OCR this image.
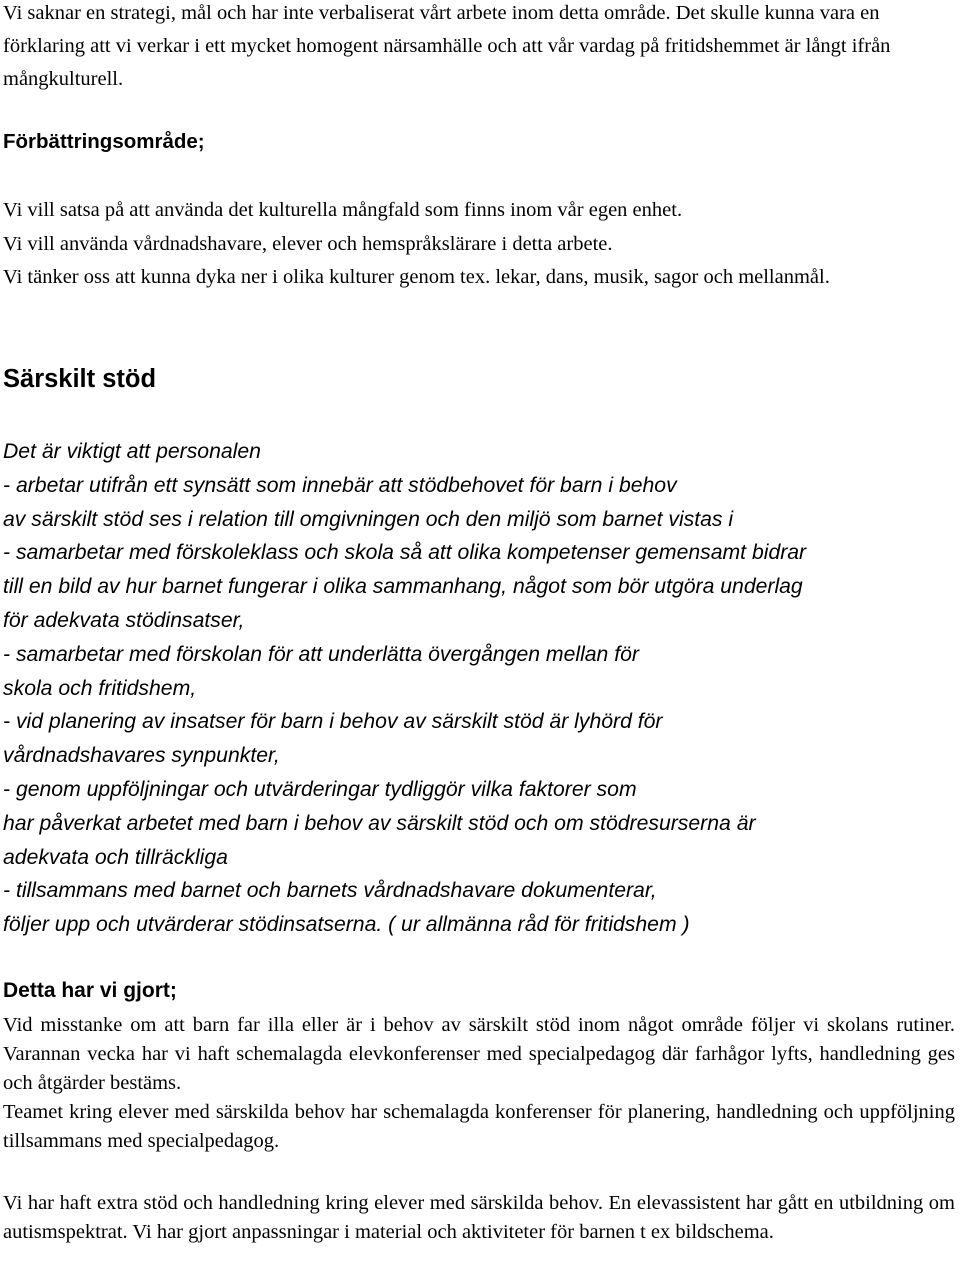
Vi saknar en strategi, mål och har inte verbaliserat vårt arbete inom detta område. Det skulle kunna vara en förklaring att vi verkar i ett mycket homogent närsamhälle och att vår vardag på fritidshemmet är långt ifrån mångkulturell.

Förbättringsområde;

Vi vill satsa på att använda det kulturella mångfald som finns inom vår egen enhet.

Vi vill använda vårdnadshavare, elever och hemspråkslärare i detta arbete.

Vi tänker oss att kunna dyka ner i olika kulturer genom tex. lekar, dans, musik, sagor och mellanmål.

Särskilt stöd

Det är viktigt att personalen

- arbetar utifrån ett synsätt som innebär att stödbehovet för barn i behov

av särskilt stöd ses i relation till omgivningen och den miljö som barnet vistas i

- samarbetar med förskoleklass och skola så att olika kompetenser gemensamt bidrar

till en bild av hur barnet fungerar i olika sammanhang, något som bör utgöra underlag

för adekvata stödinsatser,

- samarbetar med förskolan för att underlätta övergången mellan för

skola och fritidshem,

- vid planering av insatser för barn i behov av särskilt stöd är lyhörd för

vårdnadshavares synpunkter,

- genom uppföljningar och utvärderingar tydliggör vilka faktorer som

har påverkat arbetet med barn i behov av särskilt stöd och om stödresurserna är

adekvata och tillräckliga

- tillsammans med barnet och barnets vårdnadshavare dokumenterar,

följer upp och utvärderar stödinsatserna. ( ur allmänna råd för fritidshem )

Detta har vi gjort;

Vid misstanke om att barn far illa eller är i behov av särskilt stöd inom något område följer vi skolans rutiner. Varannan vecka har vi haft schemalagda elevkonferenser med specialpedagog där farhågor lyfts, handledning ges och åtgärder bestäms.

Teamet kring elever med särskilda behov har schemalagda konferenser för planering, handledning och uppföljning tillsammans med specialpedagog.

Vi har haft extra stöd och handledning kring elever med särskilda behov. En elevassistent har gått en utbildning om autismspektrat. Vi har gjort anpassningar i material och aktiviteter för barnen t ex bildschema.
